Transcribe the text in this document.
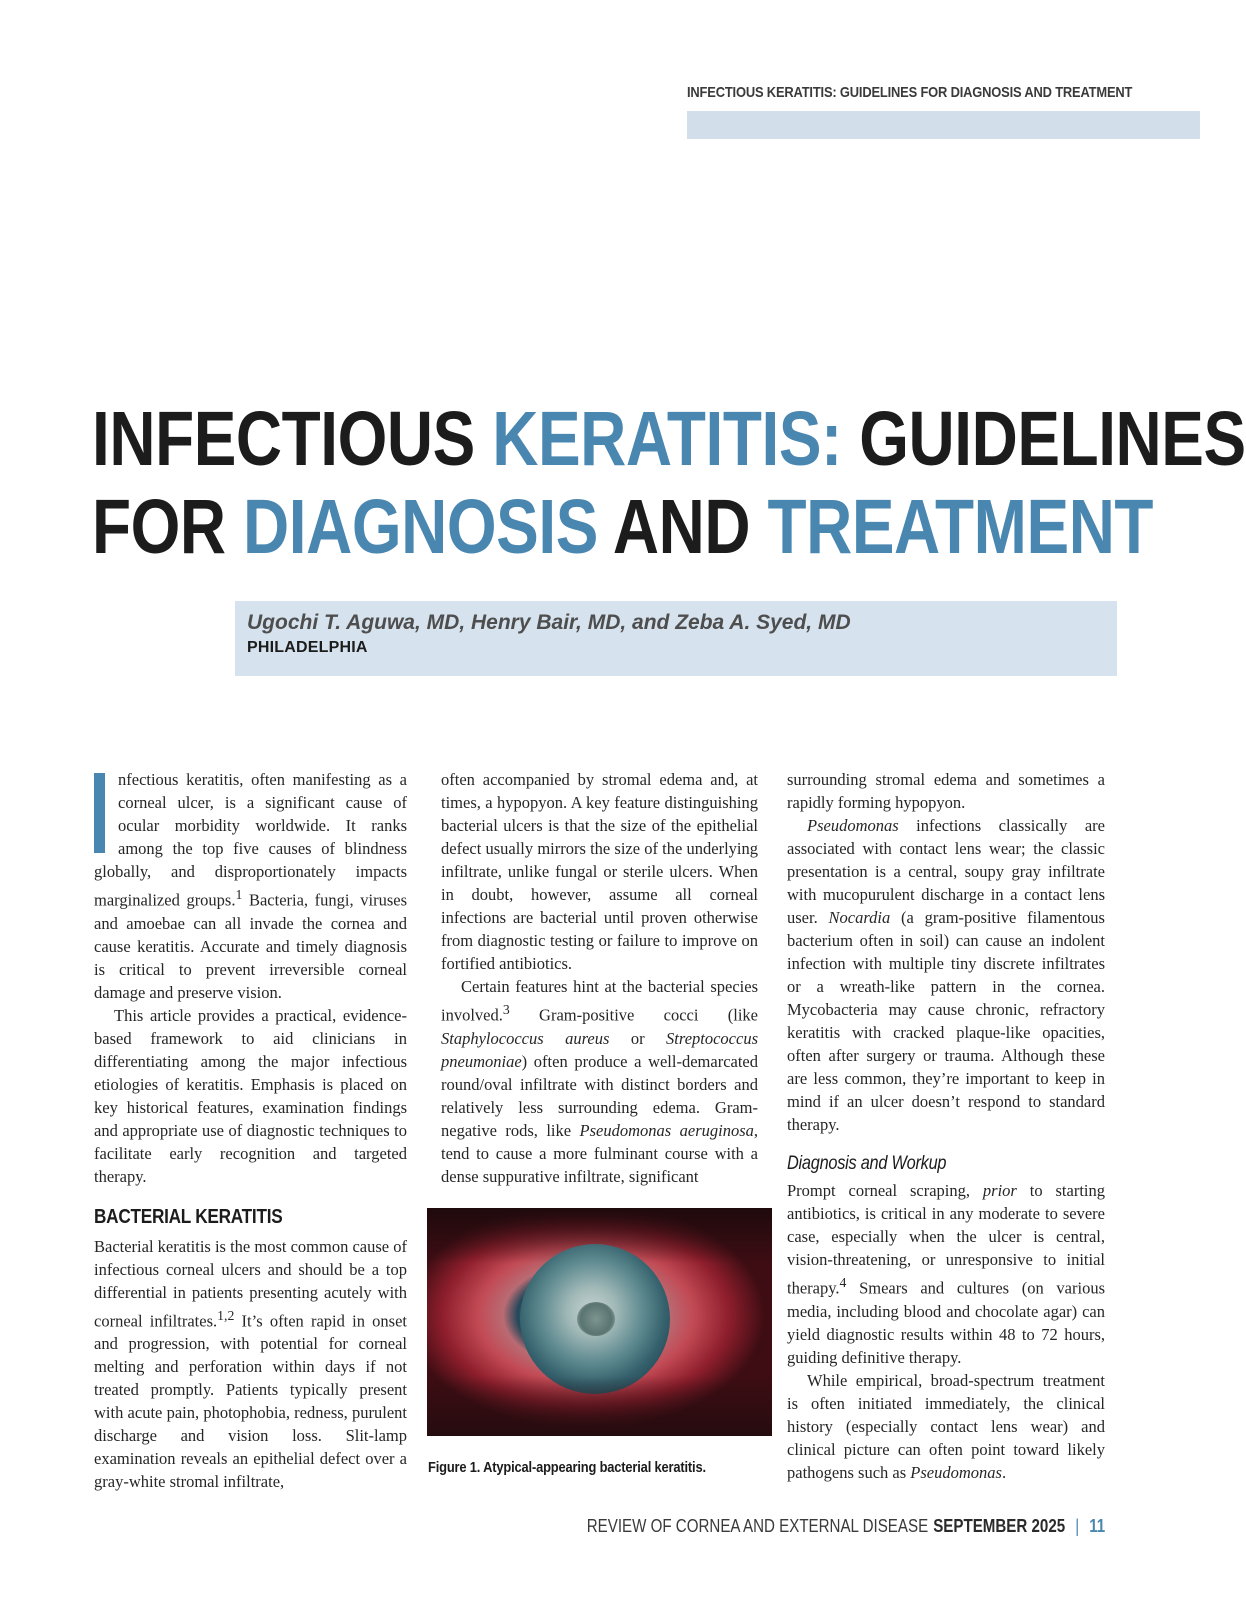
INFECTIOUS KERATITIS: GUIDELINES FOR DIAGNOSIS AND TREATMENT
INFECTIOUS KERATITIS: GUIDELINES
FOR DIAGNOSIS AND TREATMENT
Ugochi T. Aguwa, MD, Henry Bair, MD, and Zeba A. Syed, MD
PHILADELPHIA

nfectious keratitis, often manifesting as a corneal ulcer, is a significant cause of ocular morbidity worldwide. It ranks among the top five causes of blindness globally, and disproportionately impacts marginalized groups.$^1$ Bacteria, fungi, viruses and amoebae can all invade the cornea and cause keratitis. Accurate and timely diagnosis is critical to prevent irreversible corneal damage and preserve vision.

This article provides a practical, evidence-based framework to aid clinicians in differentiating among the major infectious etiologies of keratitis. Emphasis is placed on key historical features, examination findings and appropriate use of diagnostic techniques to facilitate early recognition and targeted therapy.

BACTERIAL KERATITIS

Bacterial keratitis is the most common cause of infectious corneal ulcers and should be a top differential in patients presenting acutely with corneal infiltrates.$^{1,2}$ It’s often rapid in onset and progression, with potential for corneal melting and perforation within days if not treated promptly. Patients typically present with acute pain, photophobia, redness, purulent discharge and vision loss. Slit-lamp examination reveals an epithelial defect over a gray-white stromal infiltrate,

often accompanied by stromal edema and, at times, a hypopyon. A key feature distinguishing bacterial ulcers is that the size of the epithelial defect usually mirrors the size of the underlying infiltrate, unlike fungal or sterile ulcers. When in doubt, however, assume all corneal infections are bacterial until proven otherwise from diagnostic testing or failure to improve on fortified antibiotics.

Certain features hint at the bacterial species involved.$^3$ Gram-positive cocci (like Staphylococcus aureus or Streptococcus pneumoniae) often produce a well-demarcated round/oval infiltrate with distinct borders and relatively less surrounding edema. Gram-negative rods, like Pseudomonas aeruginosa, tend to cause a more fulminant course with a dense suppurative infiltrate, significant

Figure 1. Atypical-appearing bacterial keratitis.

surrounding stromal edema and sometimes a rapidly forming hypopyon.

Pseudomonas infections classically are associated with contact lens wear; the classic presentation is a central, soupy gray infiltrate with mucopurulent discharge in a contact lens user. Nocardia (a gram-positive filamentous bacterium often in soil) can cause an indolent infection with multiple tiny discrete infiltrates or a wreath-like pattern in the cornea. Mycobacteria may cause chronic, refractory keratitis with cracked plaque-like opacities, often after surgery or trauma. Although these are less common, they’re important to keep in mind if an ulcer doesn’t respond to standard therapy.

Diagnosis and Workup

Prompt corneal scraping, prior to starting antibiotics, is critical in any moderate to severe case, especially when the ulcer is central, vision-threatening, or unresponsive to initial therapy.$^4$ Smears and cultures (on various media, including blood and chocolate agar) can yield diagnostic results within 48 to 72 hours, guiding definitive therapy.

While empirical, broad-spectrum treatment is often initiated immediately, the clinical history (especially contact lens wear) and clinical picture can often point toward likely pathogens such as Pseudomonas.

REVIEW OF CORNEA AND EXTERNAL DISEASE SEPTEMBER 2025 | 11
